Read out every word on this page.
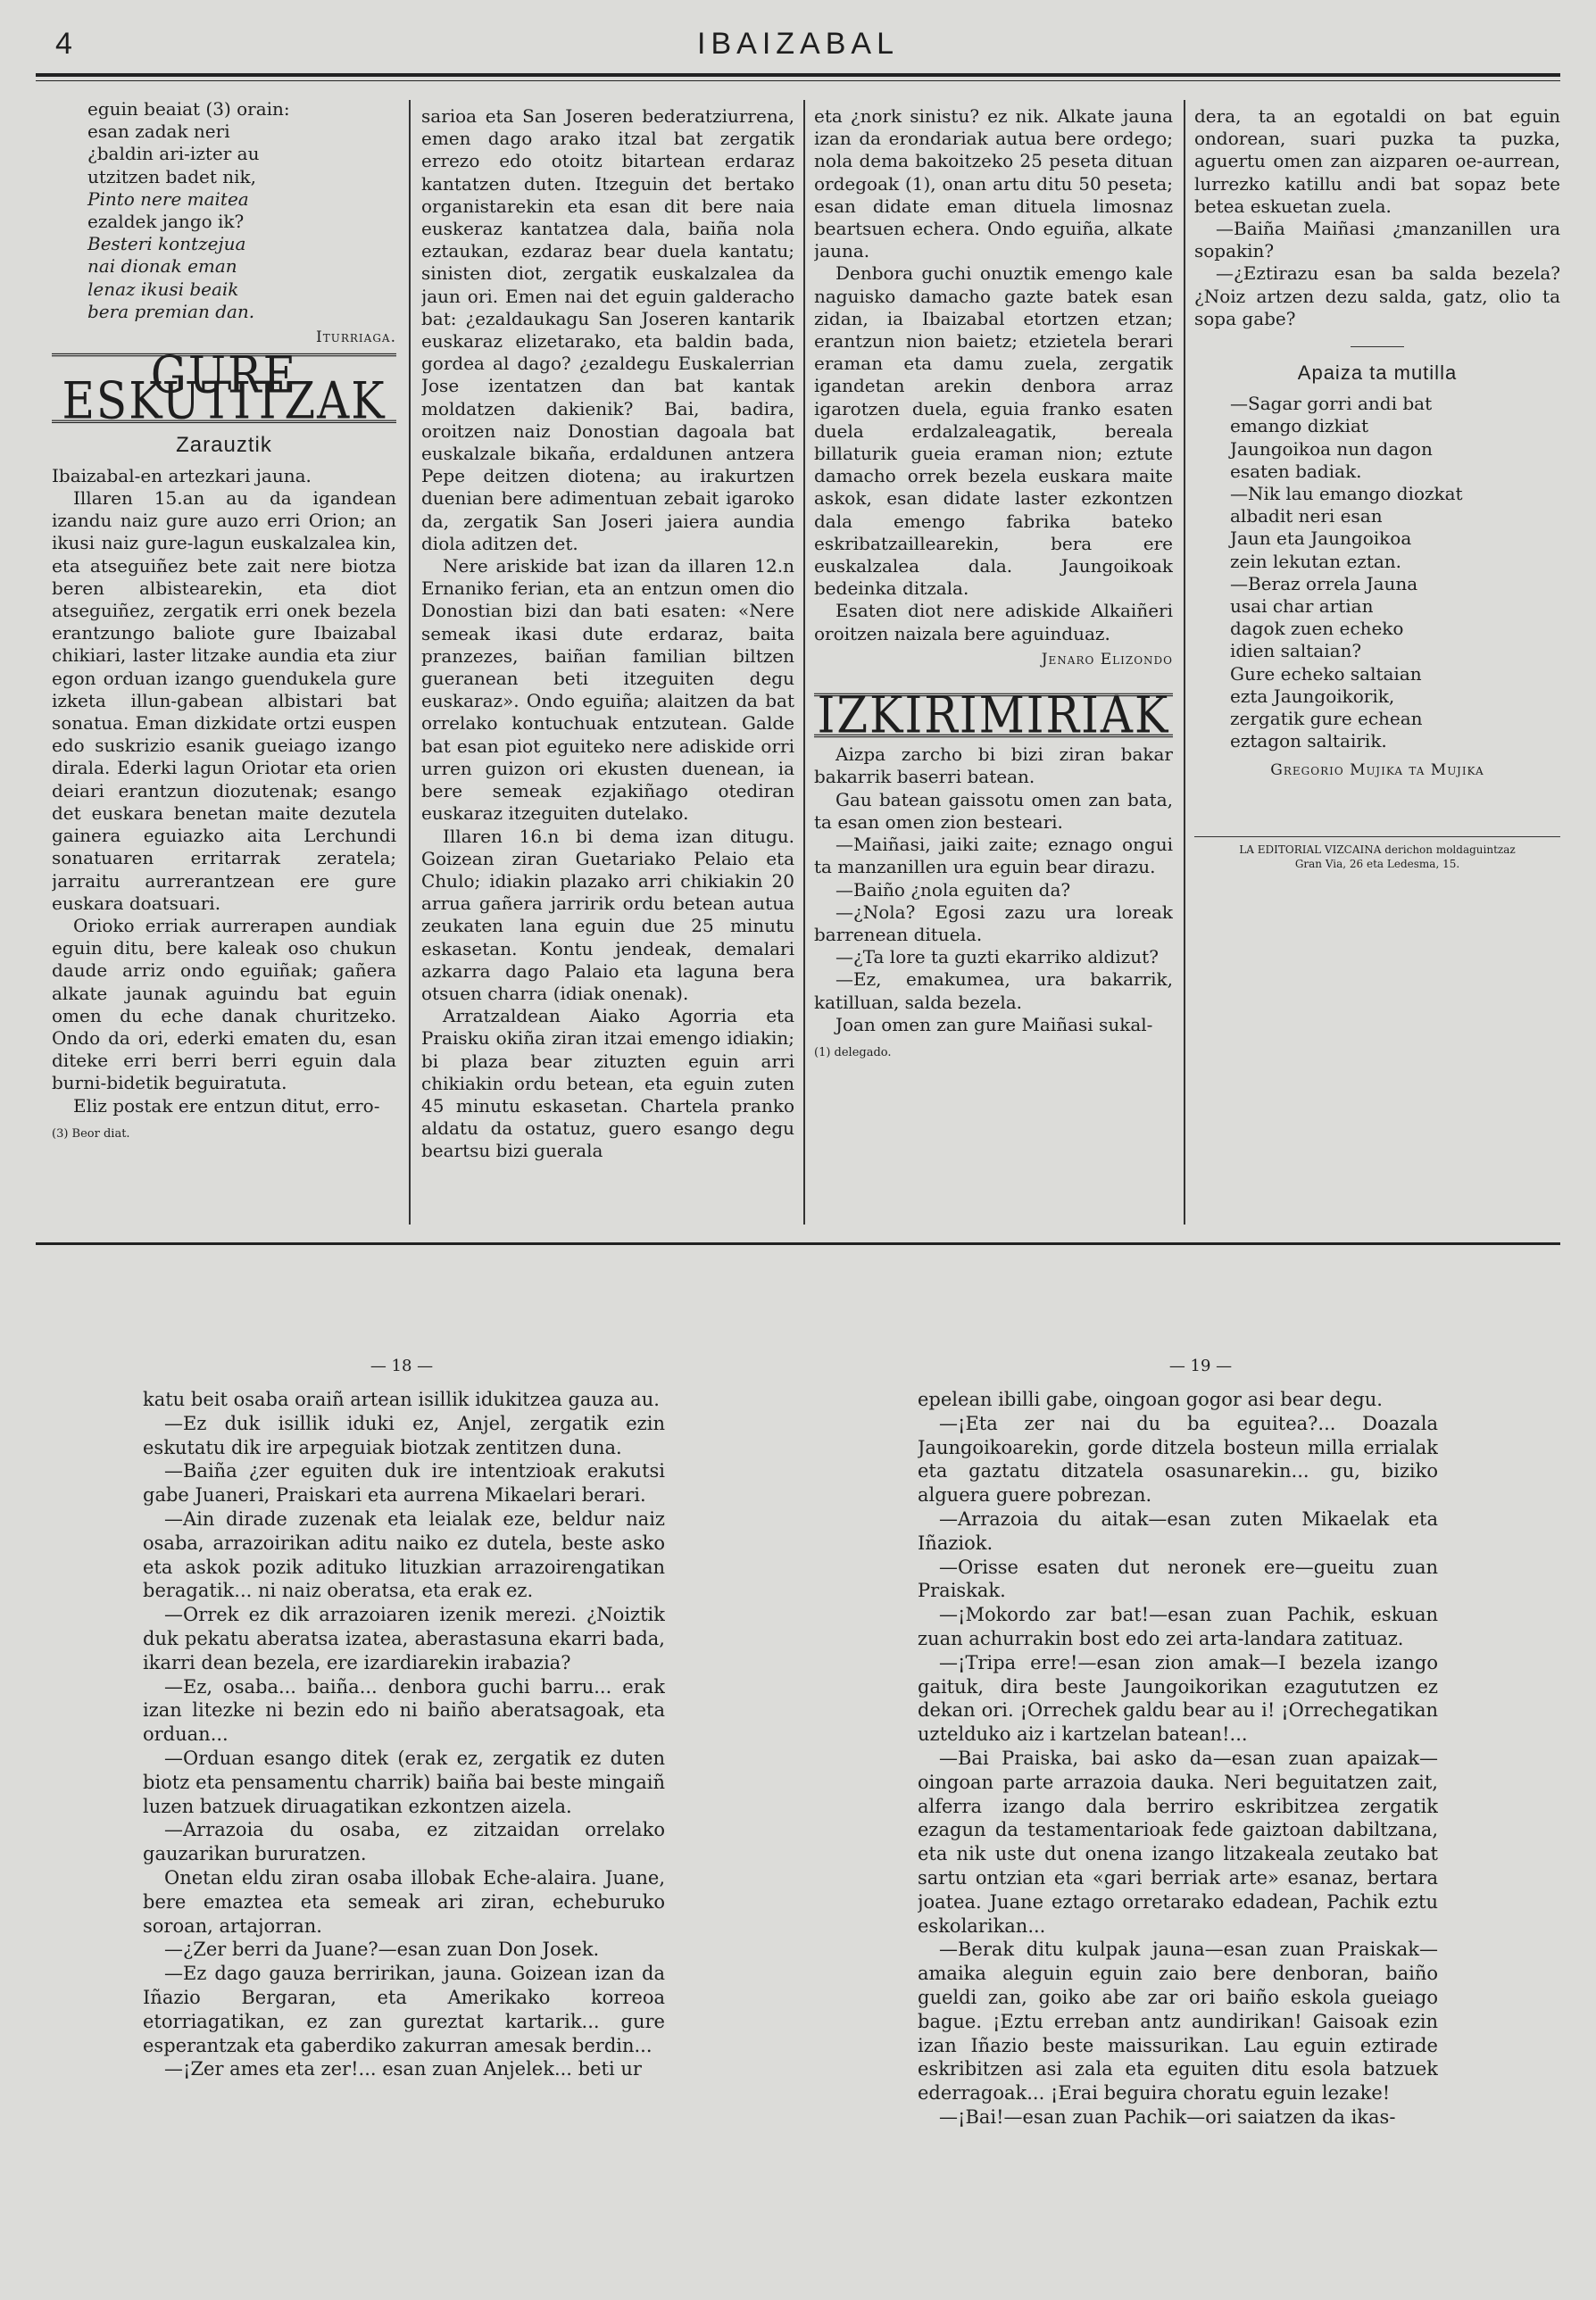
4	IBAIZABAL

eguin beaiat (3) orain:

esan zadak neri

¿baldin ari-izter au

utzitzen badet nik,

Pinto nere maitea

ezaldek jango ik?

Besteri kontzejua

nai dionak eman

lenaz ikusi beaik

bera premian dan.

Iturriaga.

GURE ESKUTITZAK
Zarauztik

Ibaizabal-en artezkari jauna.

Illaren 15.an au da igandean izandu naiz gure auzo erri Orion; an ikusi naiz gure-lagun euskalzalea kin, eta atseguiñez bete zait nere biotza beren albistearekin, eta diot atseguiñez, zergatik erri onek bezela erantzungo baliote gure Ibaizabal chikiari, laster litzake aundia eta ziur egon orduan izango guendukela gure izketa illun-gabean albistari bat sonatua. Eman dizkidate ortzi euspen edo suskrizio esanik gueiago izango dirala. Ederki lagun Oriotar eta orien deiari erantzun diozutenak; esango det euskara benetan maite dezutela gainera eguiazko aita Lerchundi sonatuaren erritarrak zeratela; jarraitu aurrerantzean ere gure euskara doatsuari.

Orioko erriak aurrerapen aundiak eguin ditu, bere kaleak oso chukun daude arriz ondo eguiñak; gañera alkate jaunak aguindu bat eguin omen du eche danak churitzeko. Ondo da ori, ederki ematen du, esan diteke erri berri berri eguin dala burni-bidetik beguiratuta.

Eliz postak ere entzun ditut, erro-

(3) Beor diat.

sarioa eta San Joseren bederatziurrena, emen dago arako itzal bat zergatik errezo edo otoitz bitartean erdaraz kantatzen duten. Itzeguin det bertako organistarekin eta esan dit bere naia euskeraz kantatzea dala, baiña nola eztaukan, ezdaraz bear duela kantatu; sinisten diot, zergatik euskalzalea da jaun ori. Emen nai det eguin galderacho bat: ¿ezaldaukagu San Joseren kantarik euskaraz elizetarako, eta baldin bada, gordea al dago? ¿ezaldegu Euskalerrian Jose izentatzen dan bat kantak moldatzen dakienik? Bai, badira, oroitzen naiz Donostian dagoala bat euskalzale bikaña, erdaldunen antzera Pepe deitzen diotena; au irakurtzen duenian bere adimentuan zebait igaroko da, zergatik San Joseri jaiera aundia diola aditzen det.

Nere ariskide bat izan da illaren 12.n Ernaniko ferian, eta an entzun omen dio Donostian bizi dan bati esaten: «Nere semeak ikasi dute erdaraz, baita pranzezes, baiñan familian biltzen gueranean beti itzeguiten degu euskaraz». Ondo eguiña; alaitzen da bat orrelako kontuchuak entzutean. Galde bat esan piot eguiteko nere adiskide orri urren guizon ori ekusten duenean, ia bere semeak ezjakiñago otediran euskaraz itzeguiten dutelako.

Illaren 16.n bi dema izan ditugu. Goizean ziran Guetariako Pelaio eta Chulo; idiakin plazako arri chikiakin 20 arrua gañera jarririk ordu betean autua zeukaten lana eguin due 25 minutu eskasetan. Kontu jendeak, demalari azkarra dago Palaio eta laguna bera otsuen charra (idiak onenak).

Arratzaldean Aiako Agorria eta Praisku okiña ziran itzai emengo idiakin; bi plaza bear zituzten eguin arri chikiakin ordu betean, eta eguin zuten 45 minutu eskasetan. Chartela pranko aldatu da ostatuz, guero esango degu beartsu bizi guerala

eta ¿nork sinistu? ez nik. Alkate jauna izan da erondariak autua bere ordego; nola dema bakoitzeko 25 peseta dituan ordegoak (1), onan artu ditu 50 peseta; esan didate eman dituela limosnaz beartsuen echera. Ondo eguiña, alkate jauna.

Denbora guchi onuztik emengo kale naguisko damacho gazte batek esan zidan, ia Ibaizabal etortzen etzan; erantzun nion baietz; etzietela berari eraman eta damu zuela, zergatik igandetan arekin denbora arraz igarotzen duela, eguia franko esaten duela erdalzaleagatik, bereala billaturik gueia eraman nion; eztute damacho orrek bezela euskara maite askok, esan didate laster ezkontzen dala emengo fabrika bateko eskribatzaillearekin, bera ere euskalzalea dala. Jaungoikoak bedeinka ditzala.

Esaten diot nere adiskide Alkaiñeri oroitzen naizala bere aguinduaz.

Jenaro Elizondo

IZKIRIMIRIAK

Aizpa zarcho bi bizi ziran bakar bakarrik baserri batean.

Gau batean gaissotu omen zan bata, ta esan omen zion besteari.

—Maiñasi, jaiki zaite; eznago ongui ta manzanillen ura eguin bear dirazu.

—Baiño ¿nola eguiten da?

—¿Nola? Egosi zazu ura loreak barrenean dituela.

—¿Ta lore ta guzti ekarriko aldizut?

—Ez, emakumea, ura bakarrik, katilluan, salda bezela.

Joan omen zan gure Maiñasi sukal-

(1) delegado.

dera, ta an egotaldi on bat eguin ondorean, suari puzka ta puzka, aguertu omen zan aizparen oe-aurrean, lurrezko katillu andi bat sopaz bete betea eskuetan zuela.

—Baiña Maiñasi ¿manzanillen ura sopakin?

—¿Eztirazu esan ba salda bezela? ¿Noiz artzen dezu salda, gatz, olio ta sopa gabe?

Apaiza ta mutilla

—Sagar gorri andi bat

emango dizkiat

Jaungoikoa nun dagon

esaten badiak.

—Nik lau emango diozkat

albadit neri esan

Jaun eta Jaungoikoa

zein lekutan eztan.

—Beraz orrela Jauna

usai char artian

dagok zuen echeko

idien saltaian?

Gure echeko saltaian

ezta Jaungoikorik,

zergatik gure echean

eztagon saltairik.

Gregorio Mujika ta Mujika

LA EDITORIAL VIZCAINA derichon moldaguintzaz
Gran Via, 26 eta Ledesma, 15.
— 18 —

katu beit osaba oraiñ artean isillik idukitzea gauza au.

—Ez duk isillik iduki ez, Anjel, zergatik ezin eskutatu dik ire arpeguiak biotzak zentitzen duna.

—Baiña ¿zer eguiten duk ire intentzioak erakutsi gabe Juaneri, Praiskari eta aurrena Mikaelari berari.

—Ain dirade zuzenak eta leialak eze, beldur naiz osaba, arrazoirikan aditu naiko ez dutela, beste asko eta askok pozik adituko lituzkian arrazoirengatikan beragatik... ni naiz oberatsa, eta erak ez.

—Orrek ez dik arrazoiaren izenik merezi. ¿Noiztik duk pekatu aberatsa izatea, aberastasuna ekarri bada, ikarri dean bezela, ere izardiarekin irabazia?

—Ez, osaba... baiña... denbora guchi barru... erak izan litezke ni bezin edo ni baiño aberatsagoak, eta orduan...

—Orduan esango ditek (erak ez, zergatik ez duten biotz eta pensamentu charrik) baiña bai beste mingaiñ luzen batzuek diruagatikan ezkontzen aizela.

—Arrazoia du osaba, ez zitzaidan orrelako gauzarikan bururatzen.

Onetan eldu ziran osaba illobak Eche-alaira. Juane, bere emaztea eta semeak ari ziran, echeburuko soroan, artajorran.

—¿Zer berri da Juane?—esan zuan Don Josek.

—Ez dago gauza berririkan, jauna. Goizean izan da Iñazio Bergaran, eta Amerikako korreoa etorriagatikan, ez zan gureztat kartarik... gure esperantzak eta gaberdiko zakurran amesak berdin...

—¡Zer ames eta zer!... esan zuan Anjelek... beti ur

— 19 —

epelean ibilli gabe, oingoan gogor asi bear degu.

—¡Eta zer nai du ba eguitea?... Doazala Jaungoikoarekin, gorde ditzela bosteun milla errialak eta gaztatu ditzatela osasunarekin... gu, biziko alguera guere pobrezan.

—Arrazoia du aitak—esan zuten Mikaelak eta Iñaziok.

—Orisse esaten dut neronek ere—gueitu zuan Praiskak.

—¡Mokordo zar bat!—esan zuan Pachik, eskuan zuan achurrakin bost edo zei arta-landara zatituaz.

—¡Tripa erre!—esan zion amak—I bezela izango gaituk, dira beste Jaungoikorikan ezagututzen ez dekan ori. ¡Orrechek galdu bear au i! ¡Orrechegatikan uzteldukо aiz i kartzelan batean!...

—Bai Praiska, bai asko da—esan zuan apaizak—oingoan parte arrazoia dauka. Neri beguitatzen zait, alferra izango dala berriro eskribitzea zergatik ezagun da testamentarioak fede gaiztoan dabiltzana, eta nik uste dut onena izango litzakeala zeutako bat sartu ontzian eta «gari berriak arte» esanaz, bertara joatea. Juane eztago orretarako edadean, Pachik eztu eskolarikan...

—Berak ditu kulpak jauna—esan zuan Praiskak—amaika aleguin eguin zaio bere denboran, baiño gueldi zan, goiko abe zar ori baiño eskola gueiago bague. ¡Eztu erreban antz aundirikan! Gaisoak ezin izan Iñazio beste maissurikan. Lau eguin eztirade eskribitzen asi zala eta eguiten ditu esola batzuek ederragoak... ¡Erai beguira choratu eguin lezake!

—¡Bai!—esan zuan Pachik—ori saiatzen da ikas-
